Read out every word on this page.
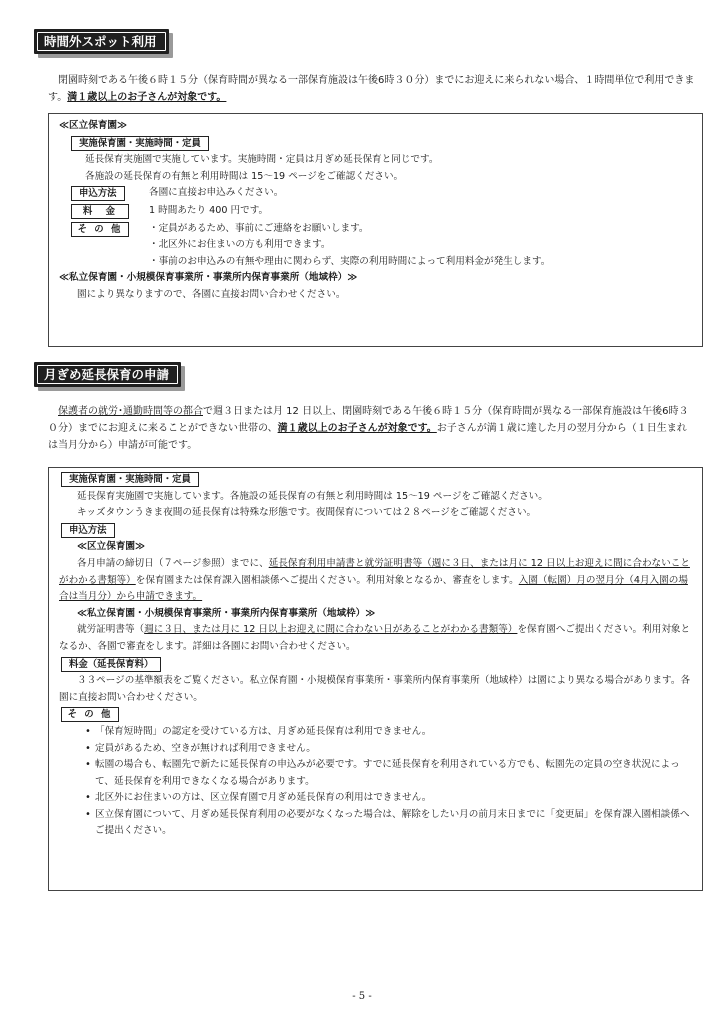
時間外スポット利用

閉園時刻である午後６時１５分（保育時間が異なる一部保育施設は午後6時３０分）までにお迎えに来られない場合、１時間単位で利用できます。満１歳以上のお子さんが対象です。

≪区立保育園≫

実施保育園・実施時間・定員

延長保育実施園で実施しています。実施時間・定員は月ぎめ延長保育と同じです。

各施設の延長保育の有無と利用時間は 15～19 ページをご確認ください。

申込方法	各園に直接お申込みください。
料　金	1 時間あたり 400 円です。
そ の 他	・定員があるため、事前にご連絡をお願いします。
・北区外にお住まいの方も利用できます。
・事前のお申込みの有無や理由に関わらず、実際の利用時間によって利用料金が発生します。

≪私立保育園・小規模保育事業所・事業所内保育事業所（地域枠）≫

園により異なりますので、各園に直接お問い合わせください。

月ぎめ延長保育の申請

保護者の就労･通勤時間等の都合で週３日または月 12 日以上、閉園時刻である午後６時１５分（保育時間が異なる一部保育施設は午後6時３０分）までにお迎えに来ることができない世帯の、満１歳以上のお子さんが対象です。お子さんが満１歳に達した月の翌月分から（１日生まれは当月分から）申請が可能です。

実施保育園・実施時間・定員

延長保育実施園で実施しています。各施設の延長保育の有無と利用時間は 15～19 ページをご確認ください。

キッズタウンうきま夜間の延長保育は特殊な形態です。夜間保育については２８ページをご確認ください。

申込方法

≪区立保育園≫

各月申請の締切日（７ページ参照）までに、延長保育利用申請書と就労証明書等（週に３日、または月に 12 日以上お迎えに間に合わないことがわかる書類等）を保育園または保育課入園相談係へご提出ください。利用対象となるか、審査をします。入園（転園）月の翌月分（4月入園の場合は当月分）から申請できます。

≪私立保育園・小規模保育事業所・事業所内保育事業所（地域枠）≫

就労証明書等（週に３日、または月に 12 日以上お迎えに間に合わない日があることがわかる書類等）を保育園へご提出ください。利用対象となるか、各園で審査をします。詳細は各園にお問い合わせください。

料金（延長保育料）

３３ページの基準額表をご覧ください。私立保育園・小規模保育事業所・事業所内保育事業所（地域枠）は園により異なる場合があります。各園に直接お問い合わせください。

そ の 他

• 「保育短時間」の認定を受けている方は、月ぎめ延長保育は利用できません。
• 定員があるため、空きが無ければ利用できません。
• 転園の場合も、転園先で新たに延長保育の申込みが必要です。すでに延長保育を利用されている方でも、転園先の定員の空き状況によって、延長保育を利用できなくなる場合があります。
• 北区外にお住まいの方は、区立保育園で月ぎめ延長保育の利用はできません。
• 区立保育園について、月ぎめ延長保育利用の必要がなくなった場合は、解除をしたい月の前月末日までに「変更届」を保育課入園相談係へご提出ください。
- 5 -
